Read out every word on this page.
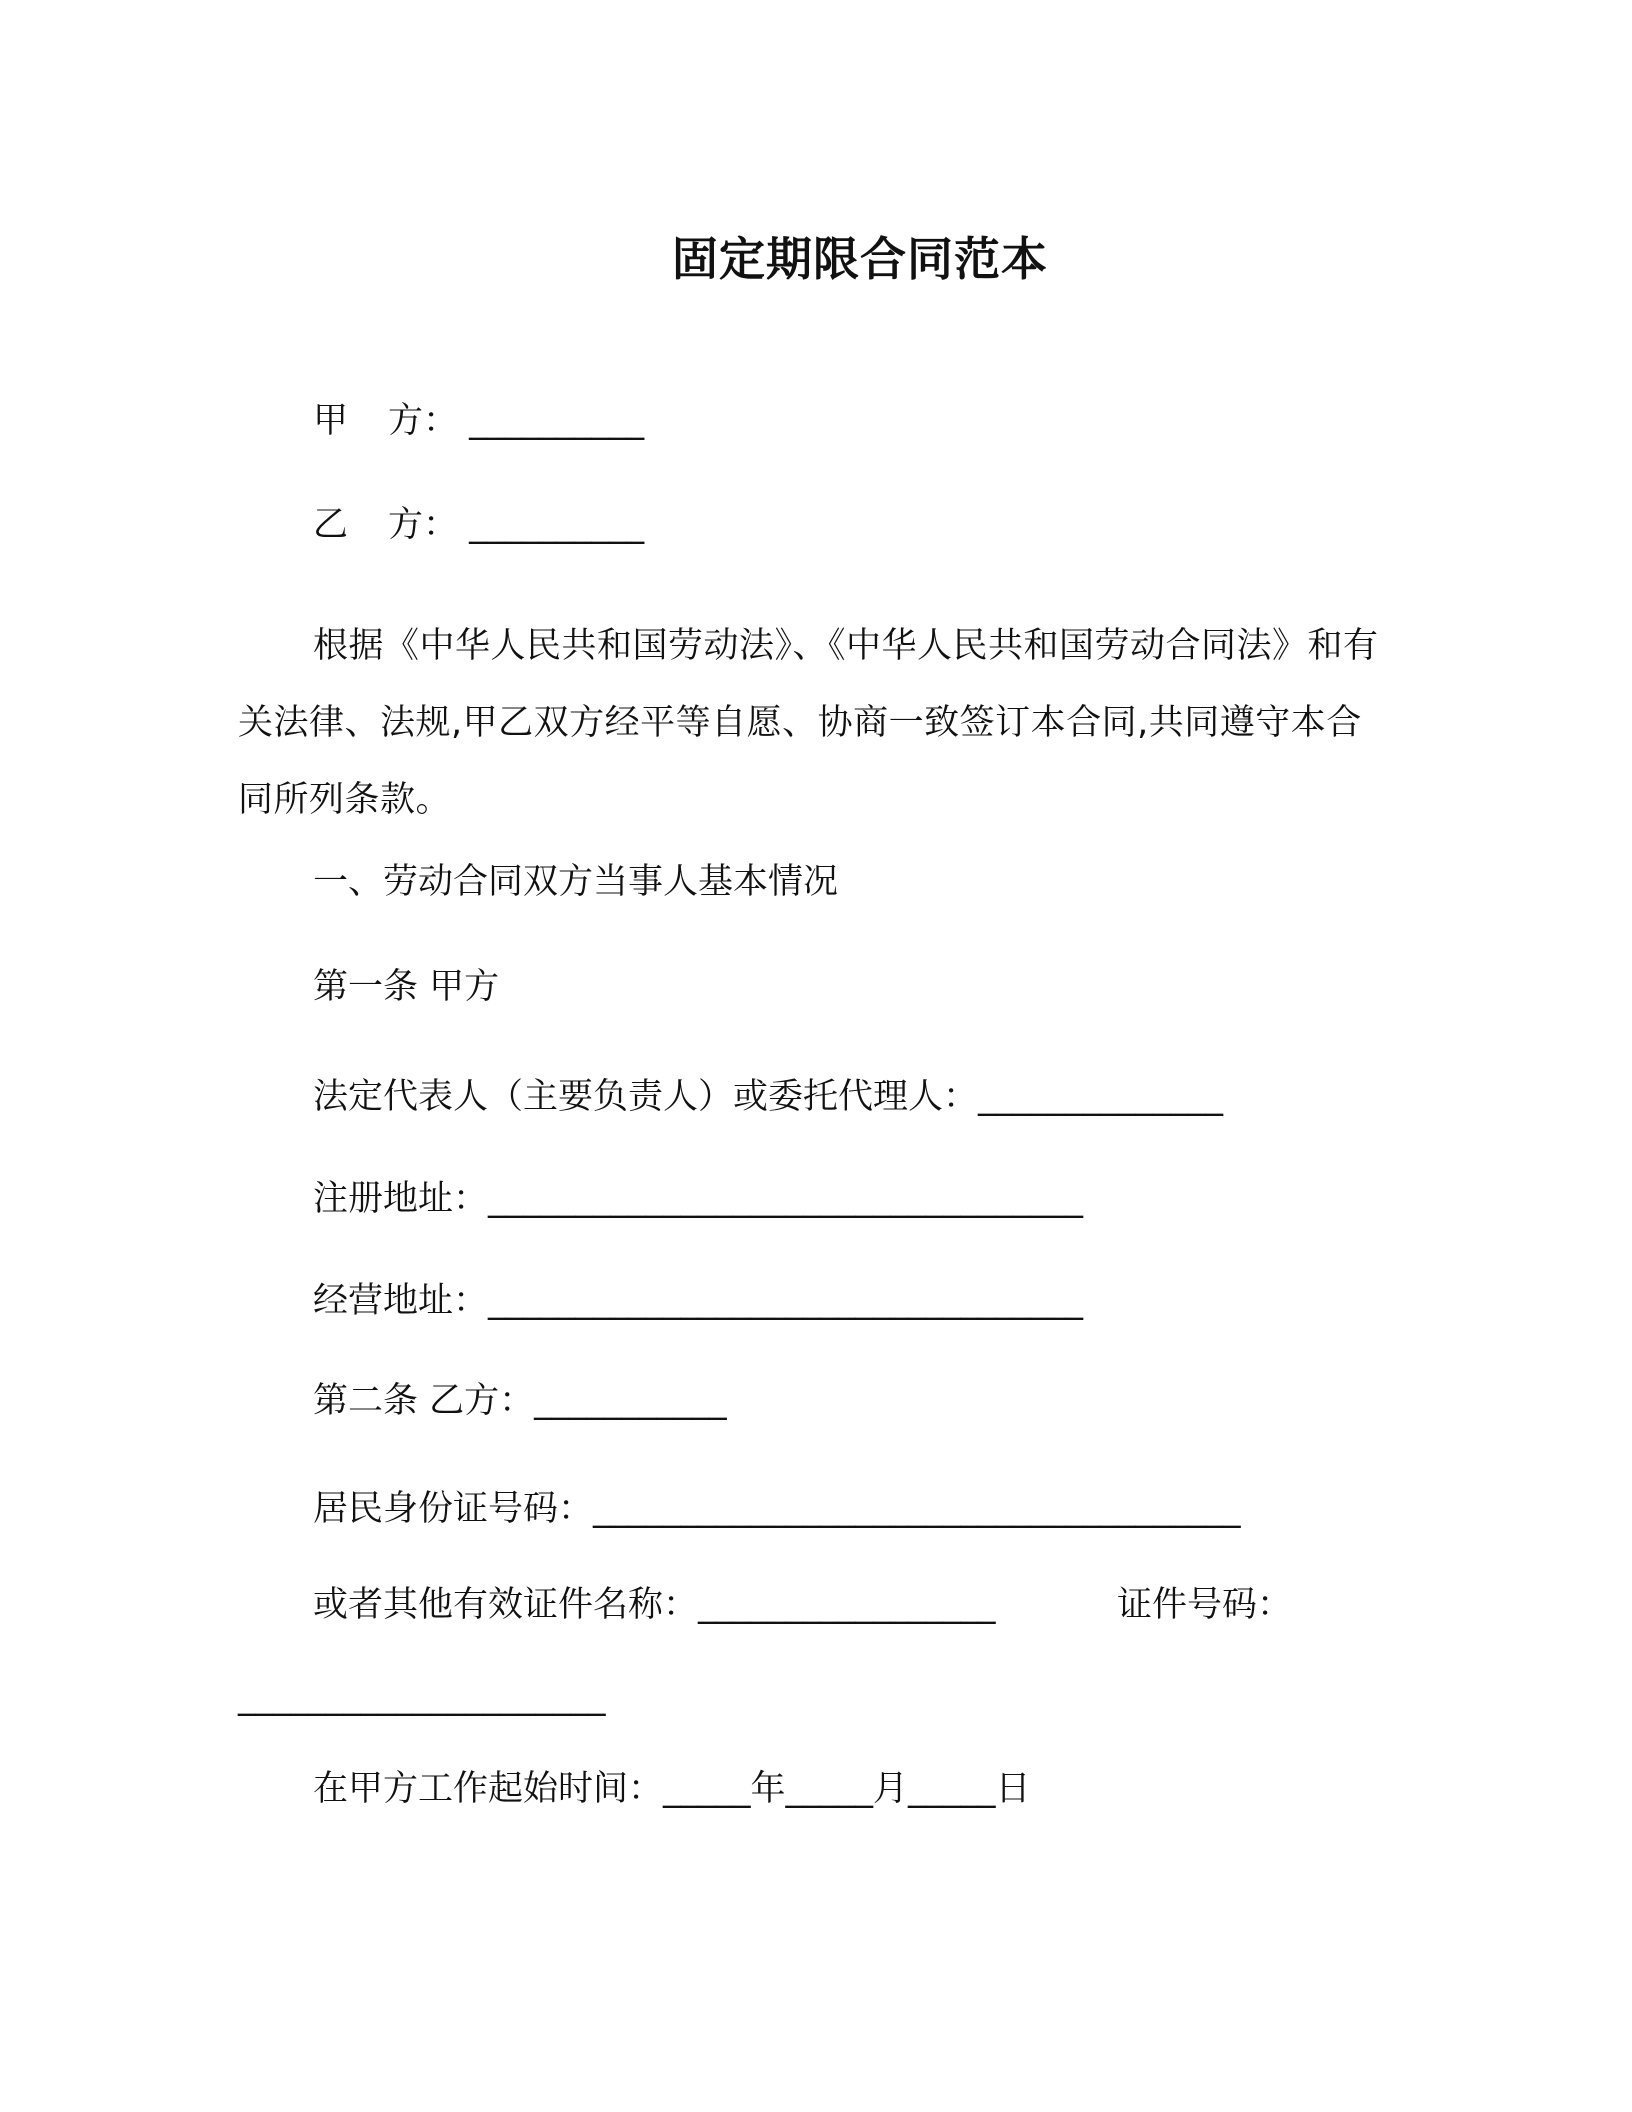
固定期限合同范本
甲 方： __________
乙 方： __________
根据《中华人民共和国劳动法》、《中华人民共和国劳动合同法》和有关法律、法规,甲乙双方经平等自愿、协商一致签订本合同,共同遵守本合同所列条款。
一、劳动合同双方当事人基本情况
第一条 甲方
法定代表人（主要负责人）或委托代理人：______________
注册地址：__________________________________
经营地址：__________________________________
第二条 乙方：___________
居民身份证号码：_____________________________________
或者其他有效证件名称：_________________	证件号码：
_____________________
在甲方工作起始时间：_____年_____月_____日
